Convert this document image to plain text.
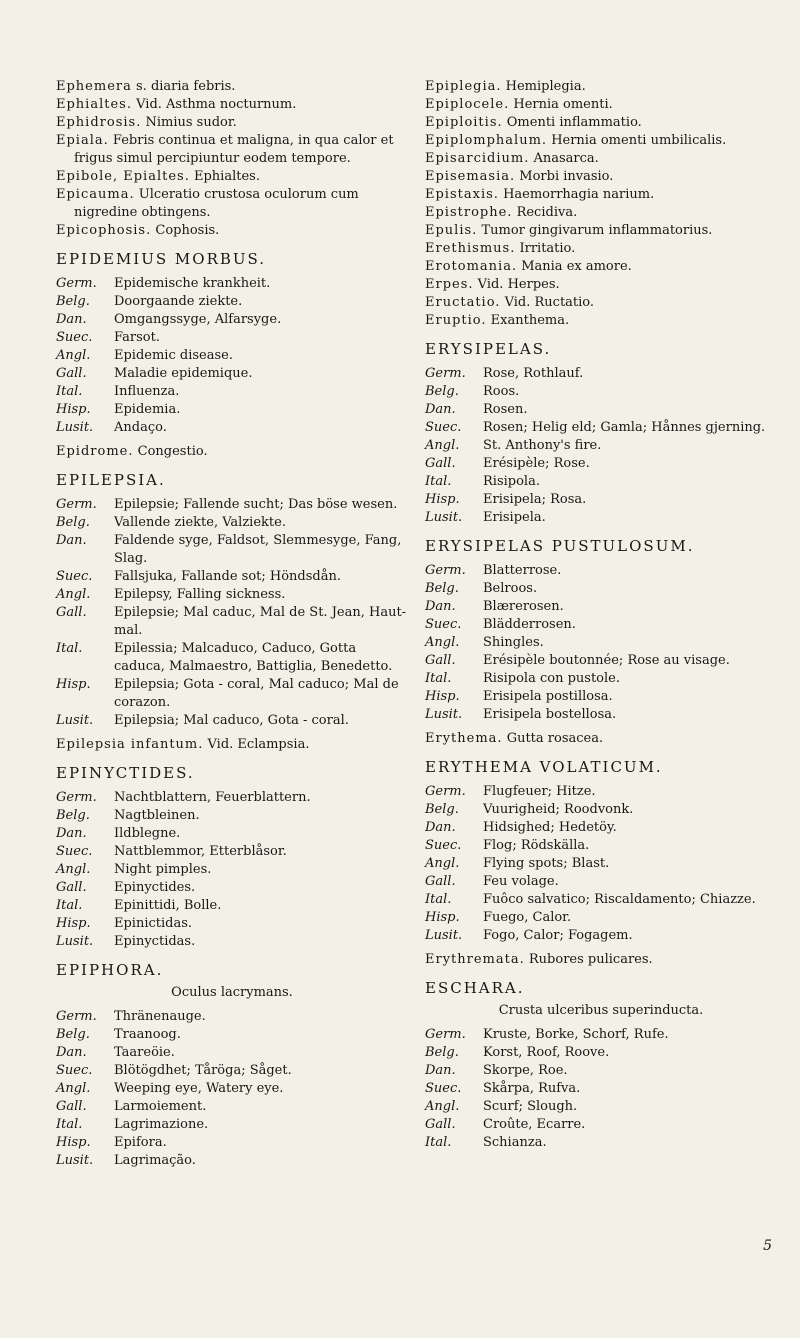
Ephemera s. diaria febris.

Ephialtes. Vid. Asthma nocturnum.

Ephidrosis. Nimius sudor.

Epiala. Febris continua et maligna, in qua calor et frigus simul percipiuntur eodem tempore.

Epibole, Epialtes. Ephialtes.

Epicauma. Ulceratio crustosa oculorum cum nigredine obtingens.

Epicophosis. Cophosis.

EPIDEMIUS MORBUS.
Germ.	Epidemische krankheit.
Belg.	Doorgaande ziekte.
Dan.	Omgangssyge, Alfarsyge.
Suec.	Farsot.
Angl.	Epidemic disease.
Gall.	Maladie epidemique.
Ital.	Influenza.
Hisp.	Epidemia.
Lusit.	Andaço.

Epidrome. Congestio.

EPILEPSIA.
Germ.	Epilepsie; Fallende sucht; Das böse wesen.
Belg.	Vallende ziekte, Valziekte.
Dan.	Faldende syge, Faldsot, Slemmesyge, Fang, Slag.
Suec.	Fallsjuka, Fallande sot; Höndsdån.
Angl.	Epilepsy, Falling sickness.
Gall.	Epilepsie; Mal caduc, Mal de St. Jean, Haut-mal.
Ital.	Epilessia; Malcaduco, Caduco, Gotta caduca, Malmaestro, Battiglia, Benedetto.
Hisp.	Epilepsia; Gota - coral, Mal caduco; Mal de corazon.
Lusit.	Epilepsia; Mal caduco, Gota - coral.

Epilepsia infantum. Vid. Eclampsia.

EPINYCTIDES.
Germ.	Nachtblattern, Feuerblattern.
Belg.	Nagtbleinen.
Dan.	Ildblegne.
Suec.	Nattblemmor, Etterblåsor.
Angl.	Night pimples.
Gall.	Epinyctides.
Ital.	Epinittidi, Bolle.
Hisp.	Epinictidas.
Lusit.	Epinyctidas.
EPIPHORA.
Oculus lacrymans.
Germ.	Thränenauge.
Belg.	Traanoog.
Dan.	Taareöie.
Suec.	Blötögdhet; Tåröga; Såget.
Angl.	Weeping eye, Watery eye.
Gall.	Larmoiement.
Ital.	Lagrimazione.
Hisp.	Epifora.
Lusit.	Lagrimação.

Epiplegia. Hemiplegia.

Epiplocele. Hernia omenti.

Epiploitis. Omenti inflammatio.

Epiplomphalum. Hernia omenti umbilicalis.

Episarcidium. Anasarca.

Episemasia. Morbi invasio.

Epistaxis. Haemorrhagia narium.

Epistrophe. Recidiva.

Epulis. Tumor gingivarum inflammatorius.

Erethismus. Irritatio.

Erotomania. Mania ex amore.

Erpes. Vid. Herpes.

Eructatio. Vid. Ructatio.

Eruptio. Exanthema.

ERYSIPELAS.
Germ.	Rose, Rothlauf.
Belg.	Roos.
Dan.	Rosen.
Suec.	Rosen; Helig eld; Gamla; Hånnes gjerning.
Angl.	St. Anthony's fire.
Gall.	Erésipèle; Rose.
Ital.	Risipola.
Hisp.	Erisipela; Rosa.
Lusit.	Erisipela.
ERYSIPELAS PUSTULOSUM.
Germ.	Blatterrose.
Belg.	Belroos.
Dan.	Blærerosen.
Suec.	Blädderrosen.
Angl.	Shingles.
Gall.	Erésipèle boutonnée; Rose au visage.
Ital.	Risipola con pustole.
Hisp.	Erisipela postillosa.
Lusit.	Erisipela bostellosa.

Erythema. Gutta rosacea.

ERYTHEMA VOLATICUM.
Germ.	Flugfeuer; Hitze.
Belg.	Vuurigheid; Roodvonk.
Dan.	Hidsighed; Hedetöy.
Suec.	Flog; Rödskälla.
Angl.	Flying spots; Blast.
Gall.	Feu volage.
Ital.	Fuôco salvatico; Riscaldamento; Chiazze.
Hisp.	Fuego, Calor.
Lusit.	Fogo, Calor; Fogagem.

Erythremata. Rubores pulicares.

ESCHARA.
Crusta ulceribus superinducta.
Germ.	Kruste, Borke, Schorf, Rufe.
Belg.	Korst, Roof, Roove.
Dan.	Skorpe, Roe.
Suec.	Skårpa, Rufva.
Angl.	Scurf; Slough.
Gall.	Croûte, Ecarre.
Ital.	Schianza.
5
